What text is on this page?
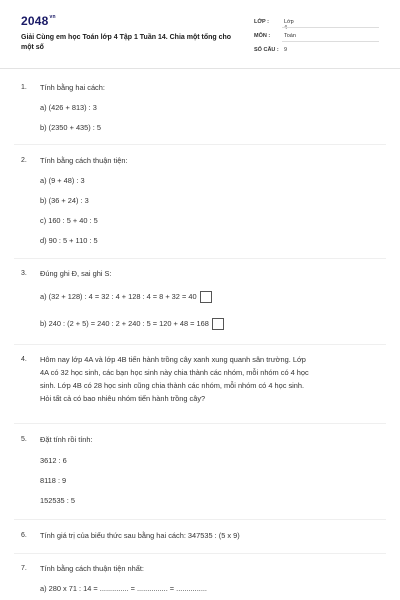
$2048^{vn}$
Giải Cùng em học Toán lớp 4 Tập 1 Tuần 14. Chia một tổng cho một số
LỚP :	Lớp 4
MÔN :	Toán
SỐ CÂU : 9
1. Tính bằng hai cách:
a) (426 + 813) : 3
b) (2350 + 435) : 5
2. Tính bằng cách thuận tiện:
a) (9 + 48) : 3
b) (36 + 24) : 3
c) 160 : 5 + 40 : 5
d) 90 : 5 + 110 : 5
3. Đúng ghi Đ, sai ghi S:
a) (32 + 128) : 4 = 32 : 4 + 128 : 4 = 8 + 32 = 40
b) 240 : (2 + 5) = 240 : 2 + 240 : 5 = 120 + 48 = 168
4. Hôm nay lớp 4A và lớp 4B tiến hành trồng cây xanh xung quanh sân trường. Lớp
4A có 32 học sinh, các bạn học sinh này chia thành các nhóm, mỗi nhóm có 4 học
sinh. Lớp 4B có 28 học sinh cũng chia thành các nhóm, mỗi nhóm có 4 học sinh.
Hỏi tất cả có bao nhiêu nhóm tiến hành trồng cây?
5. Đặt tính rồi tính:
3612 : 6
8118 : 9
152535 : 5
6. Tính giá trị của biểu thức sau bằng hai cách: 347535 : (5 x 9)
7. Tính bằng cách thuận tiện nhất:
a) 280 x 71 : 14 = .............. = ............... = ...............
